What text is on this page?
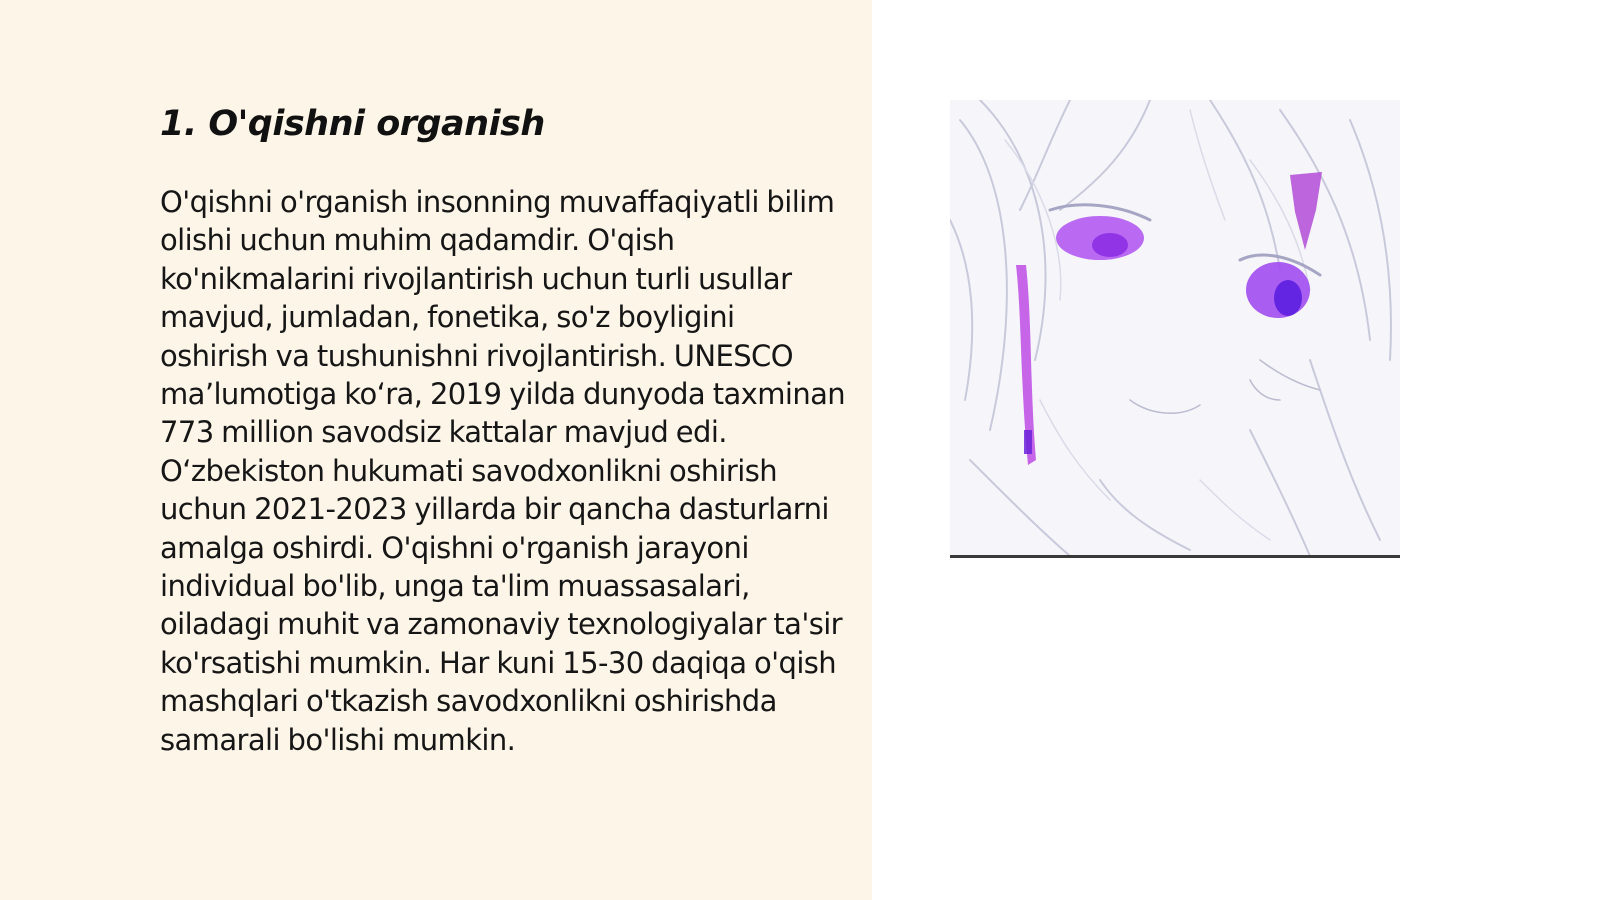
1. O'qishni organish

O'qishni o'rganish insonning muvaffaqiyatli bilim olishi uchun muhim qadamdir. O'qish ko'nikmalarini rivojlantirish uchun turli usullar mavjud, jumladan, fonetika, so'z boyligini oshirish va tushunishni rivojlantirish. UNESCO ma’lumotiga ko‘ra, 2019 yilda dunyoda taxminan 773 million savodsiz kattalar mavjud edi. O‘zbekiston hukumati savodxonlikni oshirish uchun 2021-2023 yillarda bir qancha dasturlarni amalga oshirdi. O'qishni o'rganish jarayoni individual bo'lib, unga ta'lim muassasalari, oiladagi muhit va zamonaviy texnologiyalar ta'sir ko'rsatishi mumkin. Har kuni 15-30 daqiqa o'qish mashqlari o'tkazish savodxonlikni oshirishda samarali bo'lishi mumkin.
